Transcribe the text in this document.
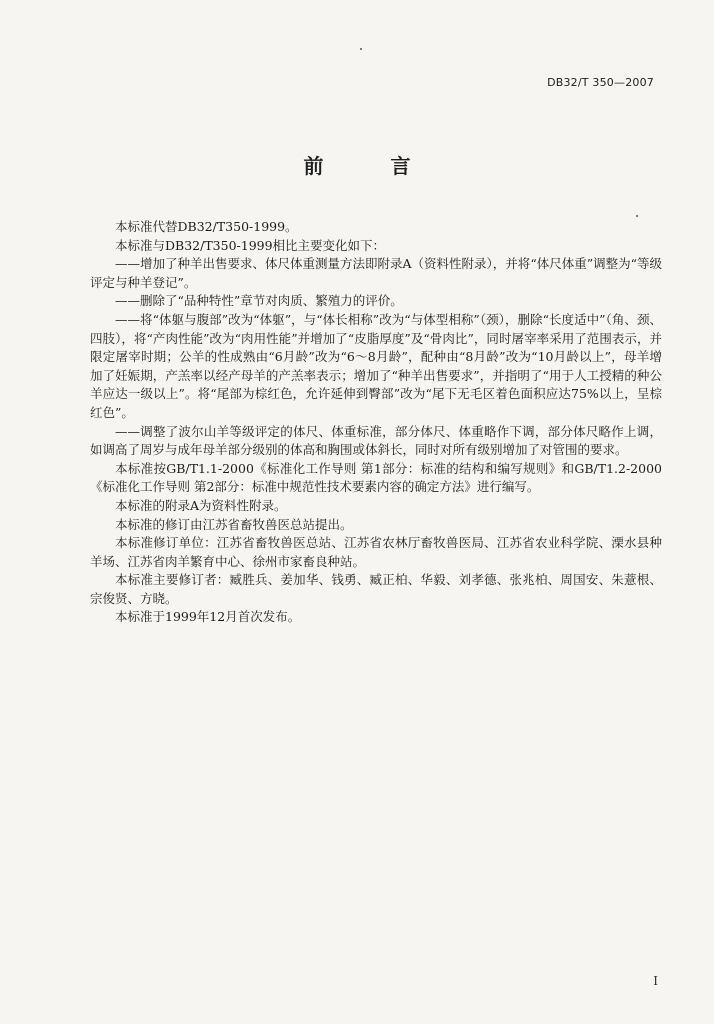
DB32/T 350—2007
前 言

本标准代替DB32/T350-1999。

本标准与DB32/T350-1999相比主要变化如下：

——增加了种羊出售要求、体尺体重测量方法即附录A（资料性附录），并将“体尺体重”调整为“等级评定与种羊登记”。

——删除了“品种特性”章节对肉质、繁殖力的评价。

——将“体躯与腹部”改为“体躯”，与“体长相称”改为“与体型相称”（颈），删除“长度适中”（角、颈、四肢），将“产肉性能”改为“肉用性能”并增加了“皮脂厚度”及“骨肉比”，同时屠宰率采用了范围表示，并限定屠宰时期；公羊的性成熟由“6月龄”改为“6～8月龄”，配种由“8月龄”改为“10月龄以上”，母羊增加了妊娠期，产羔率以经产母羊的产羔率表示；增加了“种羊出售要求”，并指明了“用于人工授精的种公羊应达一级以上”。将“尾部为棕红色，允许延伸到臀部”改为“尾下无毛区着色面积应达75%以上，呈棕红色”。

——调整了波尔山羊等级评定的体尺、体重标准，部分体尺、体重略作下调，部分体尺略作上调，如调高了周岁与成年母羊部分级别的体高和胸围或体斜长，同时对所有级别增加了对管围的要求。

本标准按GB/T1.1-2000《标准化工作导则 第1部分：标准的结构和编写规则》和GB/T1.2-2000《标准化工作导则 第2部分：标准中规范性技术要素内容的确定方法》进行编写。

本标准的附录A为资料性附录。

本标准的修订由江苏省畜牧兽医总站提出。

本标准修订单位：江苏省畜牧兽医总站、江苏省农林厅畜牧兽医局、江苏省农业科学院、溧水县种羊场、江苏省肉羊繁育中心、徐州市家畜良种站。

本标准主要修订者：臧胜兵、姜加华、钱勇、臧正柏、华毅、刘孝德、张兆柏、周国安、朱薏根、宗俊贤、方晓。

本标准于1999年12月首次发布。

I
